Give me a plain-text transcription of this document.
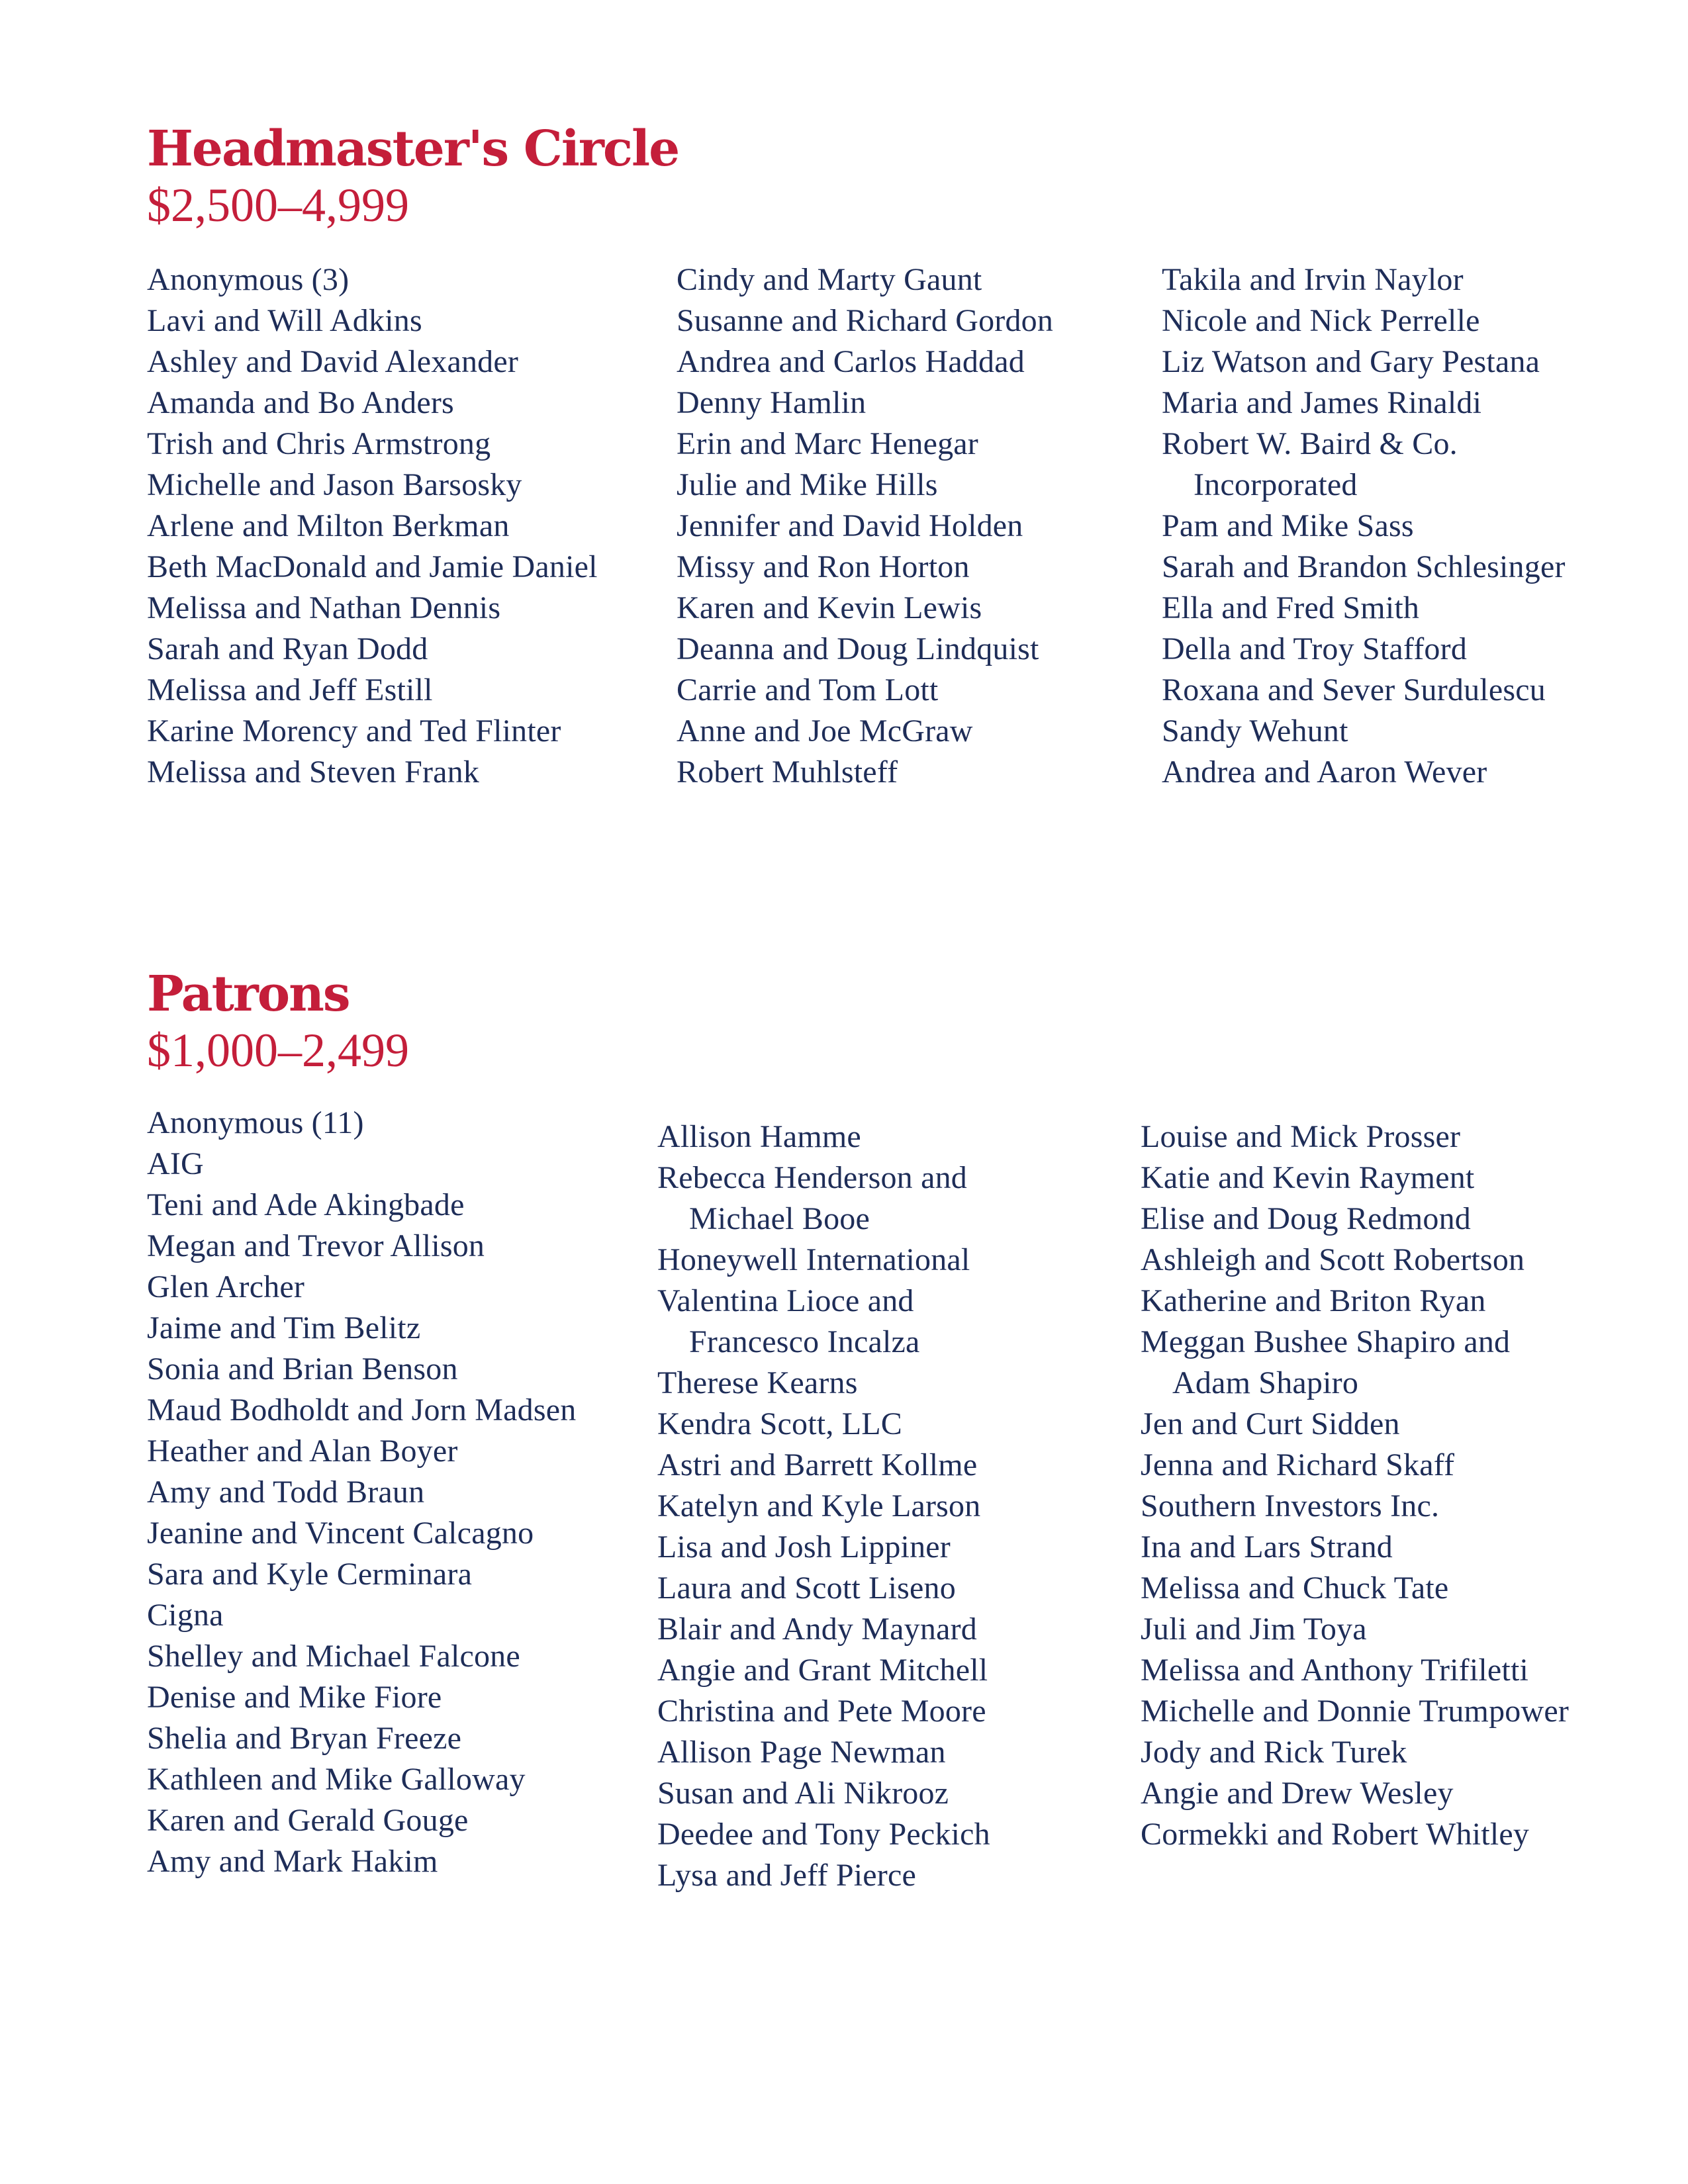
Headmaster's Circle

$2,500–4,999

Anonymous (3)
Lavi and Will Adkins
Ashley and David Alexander
Amanda and Bo Anders
Trish and Chris Armstrong
Michelle and Jason Barsosky
Arlene and Milton Berkman
Beth MacDonald and Jamie Daniel
Melissa and Nathan Dennis
Sarah and Ryan Dodd
Melissa and Jeff Estill
Karine Morency and Ted Flinter
Melissa and Steven Frank
Cindy and Marty Gaunt
Susanne and Richard Gordon
Andrea and Carlos Haddad
Denny Hamlin
Erin and Marc Henegar
Julie and Mike Hills
Jennifer and David Holden
Missy and Ron Horton
Karen and Kevin Lewis
Deanna and Doug Lindquist
Carrie and Tom Lott
Anne and Joe McGraw
Robert Muhlsteff
Takila and Irvin Naylor
Nicole and Nick Perrelle
Liz Watson and Gary Pestana
Maria and James Rinaldi
Robert W. Baird & Co.
Incorporated
Pam and Mike Sass
Sarah and Brandon Schlesinger
Ella and Fred Smith
Della and Troy Stafford
Roxana and Sever Surdulescu
Sandy Wehunt
Andrea and Aaron Wever
Patrons

$1,000–2,499

Anonymous (11)
AIG
Teni and Ade Akingbade
Megan and Trevor Allison
Glen Archer
Jaime and Tim Belitz
Sonia and Brian Benson
Maud Bodholdt and Jorn Madsen
Heather and Alan Boyer
Amy and Todd Braun
Jeanine and Vincent Calcagno
Sara and Kyle Cerminara
Cigna
Shelley and Michael Falcone
Denise and Mike Fiore
Shelia and Bryan Freeze
Kathleen and Mike Galloway
Karen and Gerald Gouge
Amy and Mark Hakim
Allison Hamme
Rebecca Henderson and
Michael Booe
Honeywell International
Valentina Lioce and
Francesco Incalza
Therese Kearns
Kendra Scott, LLC
Astri and Barrett Kollme
Katelyn and Kyle Larson
Lisa and Josh Lippiner
Laura and Scott Liseno
Blair and Andy Maynard
Angie and Grant Mitchell
Christina and Pete Moore
Allison Page Newman
Susan and Ali Nikrooz
Deedee and Tony Peckich
Lysa and Jeff Pierce
Louise and Mick Prosser
Katie and Kevin Rayment
Elise and Doug Redmond
Ashleigh and Scott Robertson
Katherine and Briton Ryan
Meggan Bushee Shapiro and
Adam Shapiro
Jen and Curt Sidden
Jenna and Richard Skaff
Southern Investors Inc.
Ina and Lars Strand
Melissa and Chuck Tate
Juli and Jim Toya
Melissa and Anthony Trifiletti
Michelle and Donnie Trumpower
Jody and Rick Turek
Angie and Drew Wesley
Cormekki and Robert Whitley
